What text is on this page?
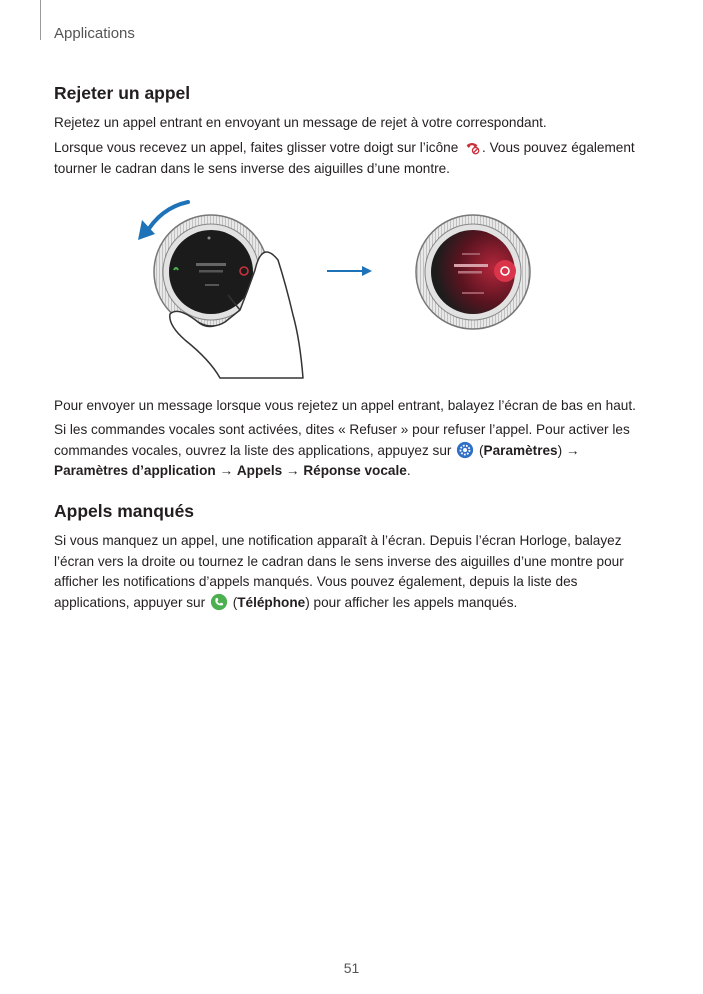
Applications
Rejeter un appel

Rejetez un appel entrant en envoyant un message de rejet à votre correspondant.

Lorsque vous recevez un appel, faites glisser votre doigt sur l’icône . Vous pouvez également tourner le cadran dans le sens inverse des aiguilles d’une montre.

Pour envoyer un message lorsque vous rejetez un appel entrant, balayez l’écran de bas en haut.

Si les commandes vocales sont activées, dites « Refuser » pour refuser l’appel. Pour activer les commandes vocales, ouvrez la liste des applications, appuyez sur  (Paramètres) → Paramètres d’application → Appels → Réponse vocale.

Appels manqués

Si vous manquez un appel, une notification apparaît à l’écran. Depuis l’écran Horloge, balayez l’écran vers la droite ou tournez le cadran dans le sens inverse des aiguilles d’une montre pour afficher les notifications d’appels manqués. Vous pouvez également, depuis la liste des applications, appuyer sur  (Téléphone) pour afficher les appels manqués.

51
